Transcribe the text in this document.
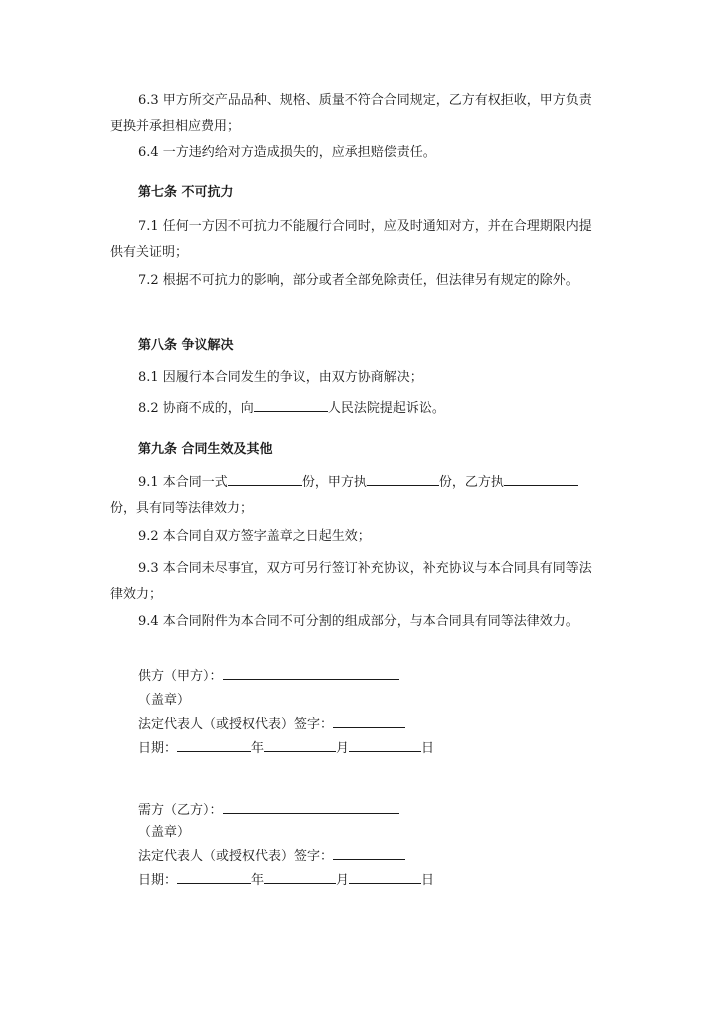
6.3 甲方所交产品品种、规格、质量不符合合同规定，乙方有权拒收，甲方负责更换并承担相应费用；
6.4 一方违约给对方造成损失的，应承担赔偿责任。
第七条 不可抗力
7.1 任何一方因不可抗力不能履行合同时，应及时通知对方，并在合理期限内提供有关证明；
7.2 根据不可抗力的影响，部分或者全部免除责任，但法律另有规定的除外。
第八条 争议解决
8.1 因履行本合同发生的争议，由双方协商解决；
8.2 协商不成的，向	人民法院提起诉讼。
第九条 合同生效及其他
9.1 本合同一式	份，甲方执	份，乙方执份，具有同等法律效力；
9.2 本合同自双方签字盖章之日起生效；
9.3 本合同未尽事宜，双方可另行签订补充协议，补充协议与本合同具有同等法律效力；
9.4 本合同附件为本合同不可分割的组成部分，与本合同具有同等法律效力。
供方（甲方）：
（盖章）
法定代表人（或授权代表）签字：
日期：	年	月	日
需方（乙方）：
（盖章）
法定代表人（或授权代表）签字：
日期：	年	月	日
